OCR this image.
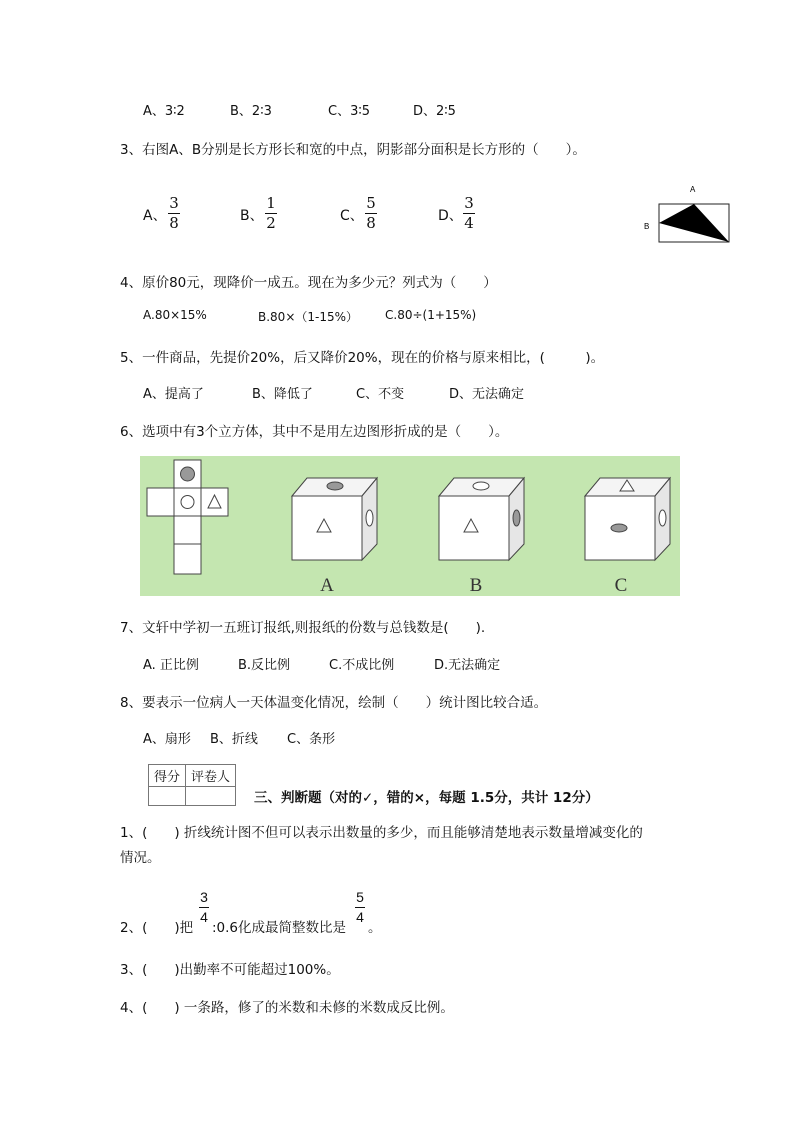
A、3∶2	B、2∶3	C、3∶5	D、2∶5
3、右图A、B分别是长方形长和宽的中点，阴影部分面积是长方形的（　　）。
A、
3
8	B、
1
2	C、
5
8	D、
3
4
A
B
4、原价80元，现降价一成五。现在为多少元？列式为（　　）
A.80×15%	B.80×（1-15%） C.80÷(1+15%)
5、一件商品，先提价20%，后又降价20%，现在的价格与原来相比，(　　　)。
A、提高了	B、降低了	C、不变	D、无法确定
6、选项中有3个立方体，其中不是用左边图形折成的是（　　）。
A	B	C
7、文轩中学初一五班订报纸,则报纸的份数与总钱数是(　　).
A. 正比例	B.反比例	C.不成比例	D.无法确定
8、要表示一位病人一天体温变化情况，绘制（　　）统计图比较合适。
A、扇形 B、折线 C、条形
得分	评卷人

三、判断题（对的✓，错的×，每题 1.5分，共计 12分）
1、(　　) 折线统计图不但可以表示出数量的多少，而且能够清楚地表示数量增减变化的
情况。
2、(　　)把
3
4
:0.6化成最简整数比是
5
4
。
3、(　　)出勤率不可能超过100%。
4、(　　) 一条路，修了的米数和未修的米数成反比例。
